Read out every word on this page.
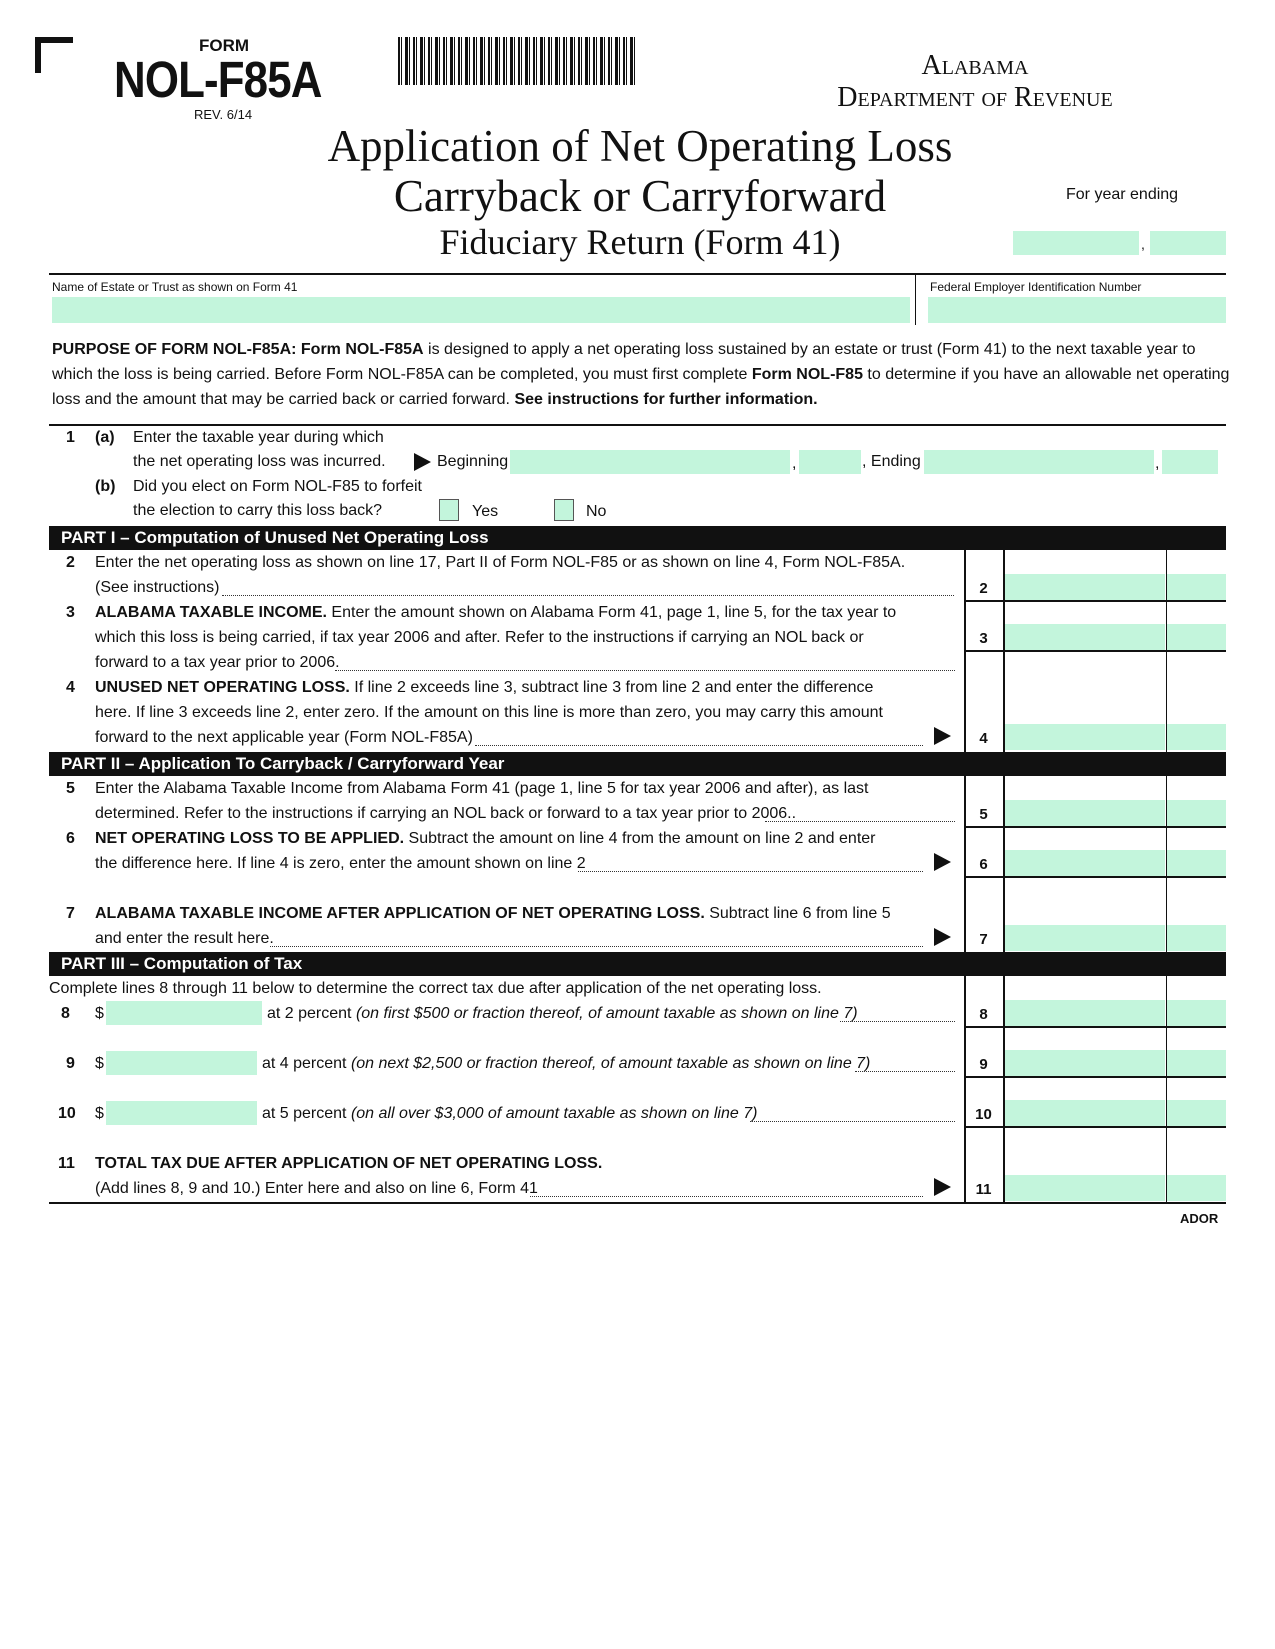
FORM
NOL-F85A
REV. 6/14
Alabama
Department of Revenue
Application of Net Operating Loss
Carryback or Carryforward
Fiduciary Return (Form 41)
For year ending
,
Name of Estate or Trust as shown on Form 41	Federal Employer Identification Number
PURPOSE OF FORM NOL-F85A: Form NOL-F85A is designed to apply a net operating loss sustained by an estate or trust (Form 41) to the next taxable year to which the loss is being carried. Before Form NOL-F85A can be completed, you must first complete Form NOL-F85 to determine if you have an allowable net operating loss and the amount that may be carried back or carried forward. See instructions for further information.
1 (a) Enter the taxable year during which
the net operating loss was incurred.	Beginning	,	, Ending	,
(b) Did you elect on Form NOL-F85 to forfeit
the election to carry this loss back?	Yes	No
PART I – Computation of Unused Net Operating Loss
2 Enter the net operating loss as shown on line 17, Part II of Form NOL-F85 or as shown on line 4, Form NOL-F85A.
(See instructions)	2
3 ALABAMA TAXABLE INCOME. Enter the amount shown on Alabama Form 41, page 1, line 5, for the tax year to
which this loss is being carried, if tax year 2006 and after. Refer to the instructions if carrying an NOL back or
forward to a tax year prior to 2006.
3
4 UNUSED NET OPERATING LOSS. If line 2 exceeds line 3, subtract line 3 from line 2 and enter the difference
here. If line 3 exceeds line 2, enter zero. If the amount on this line is more than zero, you may carry this amount
forward to the next applicable year (Form NOL-F85A)	4
PART II – Application To Carryback / Carryforward Year
5 Enter the Alabama Taxable Income from Alabama Form 41 (page 1, line 5 for tax year 2006 and after), as last
determined. Refer to the instructions if carrying an NOL back or forward to a tax year prior to 2006..	5
6 NET OPERATING LOSS TO BE APPLIED. Subtract the amount on line 4 from the amount on line 2 and enter
the difference here. If line 4 is zero, enter the amount shown on line 2	6
7 ALABAMA TAXABLE INCOME AFTER APPLICATION OF NET OPERATING LOSS. Subtract line 6 from line 5
and enter the result here.	7
PART III – Computation of Tax
Complete lines 8 through 11 below to determine the correct tax due after application of the net operating loss.
8 $	at 2 percent (on first $500 or fraction thereof, of amount taxable as shown on line 7)	8
9 $	at 4 percent (on next $2,500 or fraction thereof, of amount taxable as shown on line 7)	9
10 $	at 5 percent (on all over $3,000 of amount taxable as shown on line 7)	10
11 TOTAL TAX DUE AFTER APPLICATION OF NET OPERATING LOSS.
(Add lines 8, 9 and 10.) Enter here and also on line 6, Form 41	11
ADOR
